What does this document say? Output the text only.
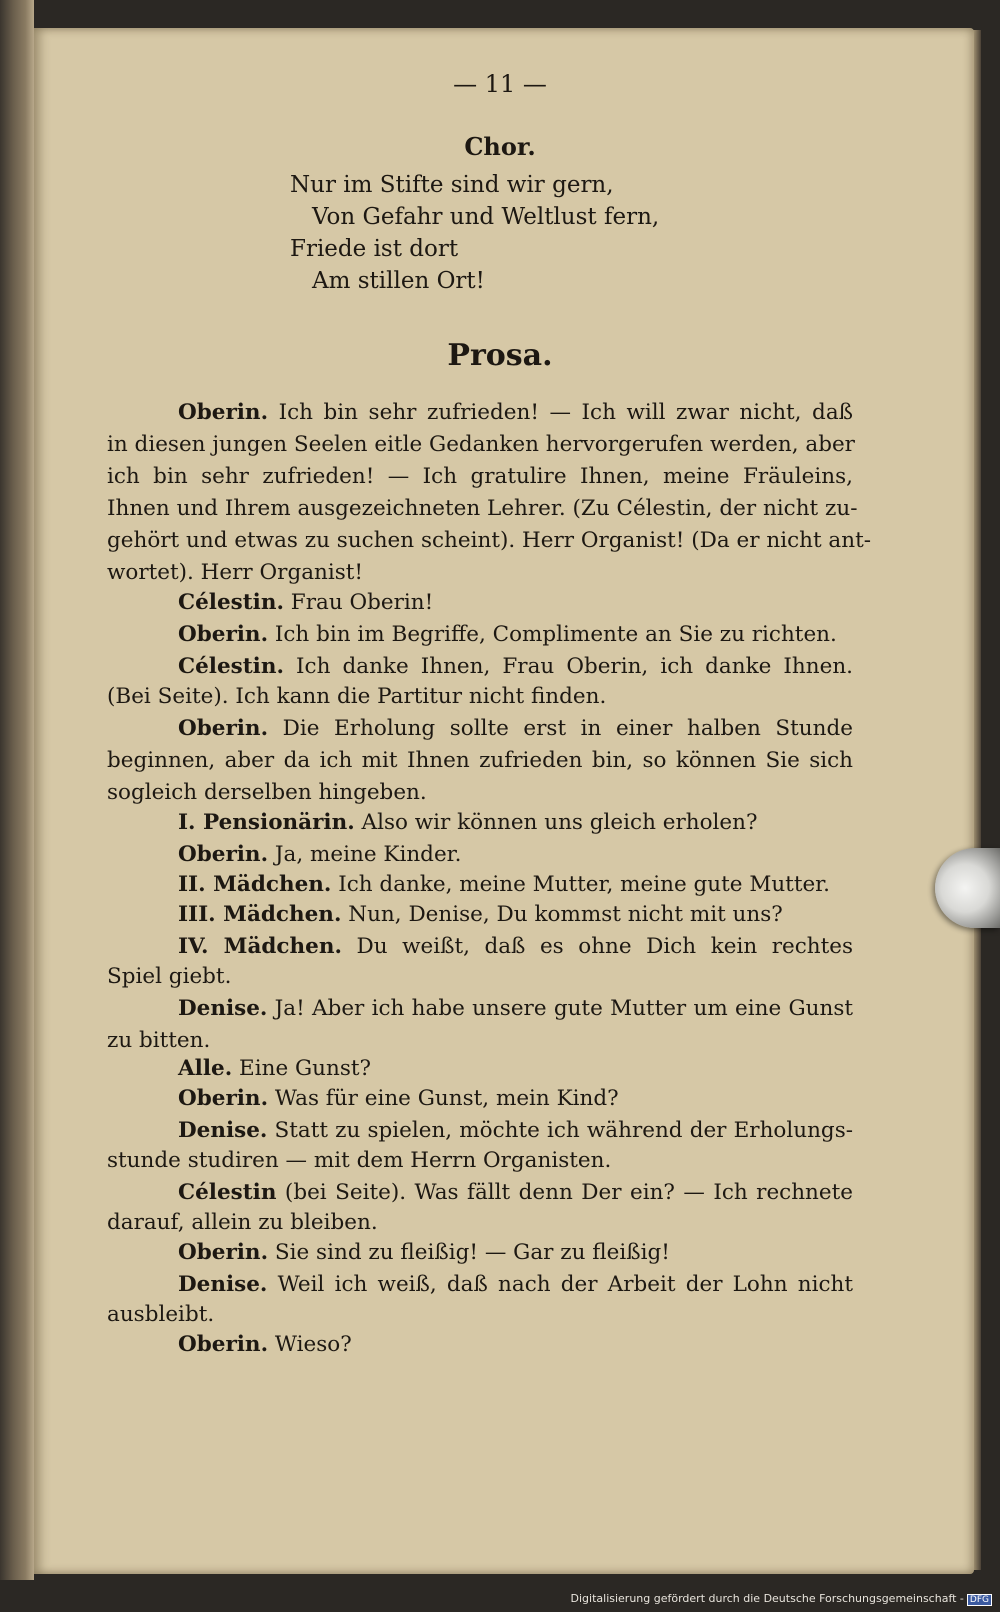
— 11 —
Chor.
Nur im Stifte sind wir gern,
Von Gefahr und Weltlust fern,
Friede ist dort
Am stillen Ort!
Prosa.
Oberin. Ich bin sehr zufrieden! — Ich will zwar nicht, daß
in diesen jungen Seelen eitle Gedanken hervorgerufen werden, aber
ich bin sehr zufrieden! — Ich gratulire Ihnen, meine Fräuleins,
Ihnen und Ihrem ausgezeichneten Lehrer. (Zu Célestin, der nicht zu-
gehört und etwas zu suchen scheint). Herr Organist! (Da er nicht ant-
wortet). Herr Organist!
Célestin. Frau Oberin!
Oberin. Ich bin im Begriffe, Complimente an Sie zu richten.
Célestin. Ich danke Ihnen, Frau Oberin, ich danke Ihnen.
(Bei Seite). Ich kann die Partitur nicht finden.
Oberin. Die Erholung sollte erst in einer halben Stunde
beginnen, aber da ich mit Ihnen zufrieden bin, so können Sie sich
sogleich derselben hingeben.
I. Pensionärin. Also wir können uns gleich erholen?
Oberin. Ja, meine Kinder.
II. Mädchen. Ich danke, meine Mutter, meine gute Mutter.
III. Mädchen. Nun, Denise, Du kommst nicht mit uns?
IV. Mädchen. Du weißt, daß es ohne Dich kein rechtes
Spiel giebt.
Denise. Ja! Aber ich habe unsere gute Mutter um eine Gunst
zu bitten.
Alle. Eine Gunst?
Oberin. Was für eine Gunst, mein Kind?
Denise. Statt zu spielen, möchte ich während der Erholungs-
stunde studiren — mit dem Herrn Organisten.
Célestin (bei Seite). Was fällt denn Der ein? — Ich rechnete
darauf, allein zu bleiben.
Oberin. Sie sind zu fleißig! — Gar zu fleißig!
Denise. Weil ich weiß, daß nach der Arbeit der Lohn nicht
ausbleibt.
Oberin. Wieso?
Digitalisierung gefördert durch die Deutsche Forschungsgemeinschaft - DFG
